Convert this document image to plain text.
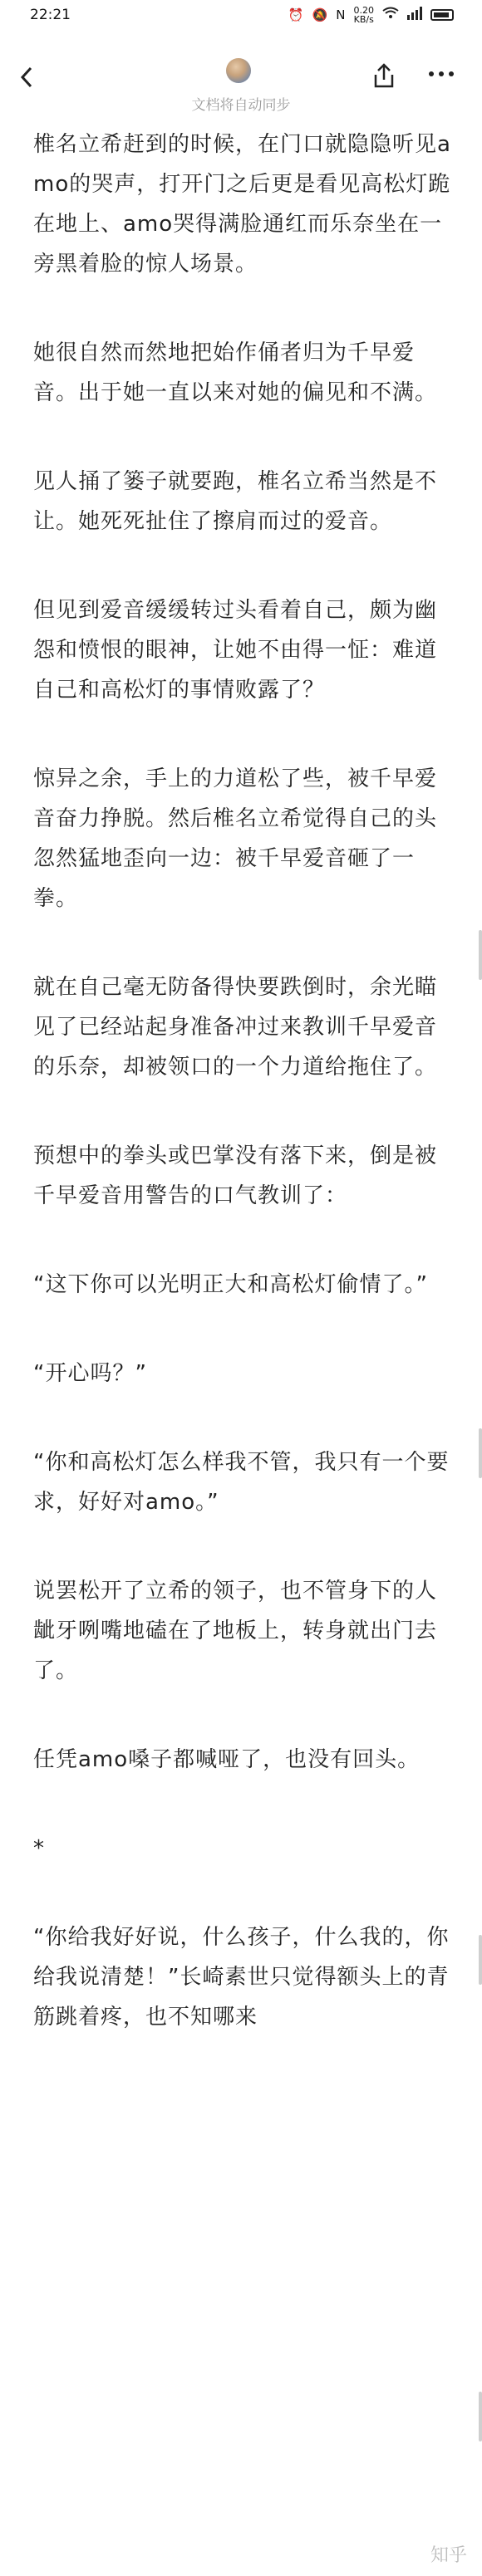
22:21	⏰ 🔕 N 0.20
KB/s
文档将自动同步

椎名立希赶到的时候，在门口就隐隐听见amo的哭声，打开门之后更是看见高松灯跪在地上、amo哭得满脸通红而乐奈坐在一旁黑着脸的惊人场景。

她很自然而然地把始作俑者归为千早爱音。出于她一直以来对她的偏见和不满。

见人捅了篓子就要跑，椎名立希当然是不让。她死死扯住了擦肩而过的爱音。

但见到爱音缓缓转过头看着自己，颇为幽怨和愤恨的眼神，让她不由得一怔：难道自己和高松灯的事情败露了？

惊异之余，手上的力道松了些，被千早爱音奋力挣脱。然后椎名立希觉得自己的头忽然猛地歪向一边：被千早爱音砸了一拳。

就在自己毫无防备得快要跌倒时，余光瞄见了已经站起身准备冲过来教训千早爱音的乐奈，却被领口的一个力道给拖住了。

预想中的拳头或巴掌没有落下来，倒是被千早爱音用警告的口气教训了：

“这下你可以光明正大和高松灯偷情了。”

“开心吗？”

“你和高松灯怎么样我不管，我只有一个要求，好好对amo。”

说罢松开了立希的领子，也不管身下的人龇牙咧嘴地磕在了地板上，转身就出门去了。

任凭amo嗓子都喊哑了，也没有回头。

*

“你给我好好说，什么孩子，什么我的，你给我说清楚！”长崎素世只觉得额头上的青筋跳着疼，也不知哪来

知乎
